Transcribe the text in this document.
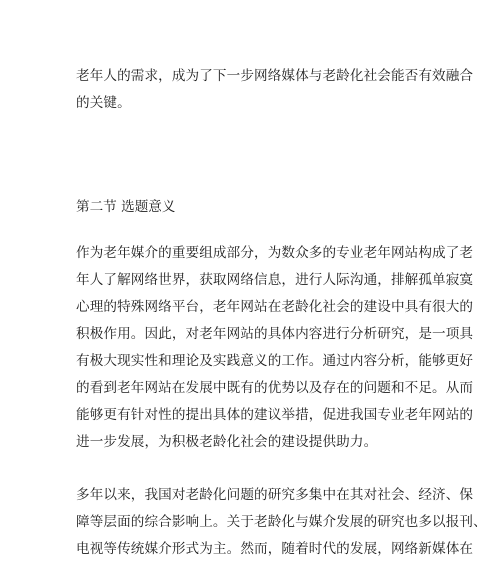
老年人的需求，成为了下一步网络媒体与老龄化社会能否有效融合
的关键。
第二节 选题意义
作为老年媒介的重要组成部分，为数众多的专业老年网站构成了老
年人了解网络世界，获取网络信息，进行人际沟通，排解孤单寂寞
心理的特殊网络平台，老年网站在老龄化社会的建设中具有很大的
积极作用。因此，对老年网站的具体内容进行分析研究，是一项具
有极大现实性和理论及实践意义的工作。通过内容分析，能够更好
的看到老年网站在发展中既有的优势以及存在的问题和不足。从而
能够更有针对性的提出具体的建议举措，促进我国专业老年网站的
进一步发展，为积极老龄化社会的建设提供助力。
多年以来，我国对老龄化问题的研究多集中在其对社会、经济、保
障等层面的综合影响上。关于老龄化与媒介发展的研究也多以报刊、
电视等传统媒介形式为主。然而，随着时代的发展，网络新媒体在
